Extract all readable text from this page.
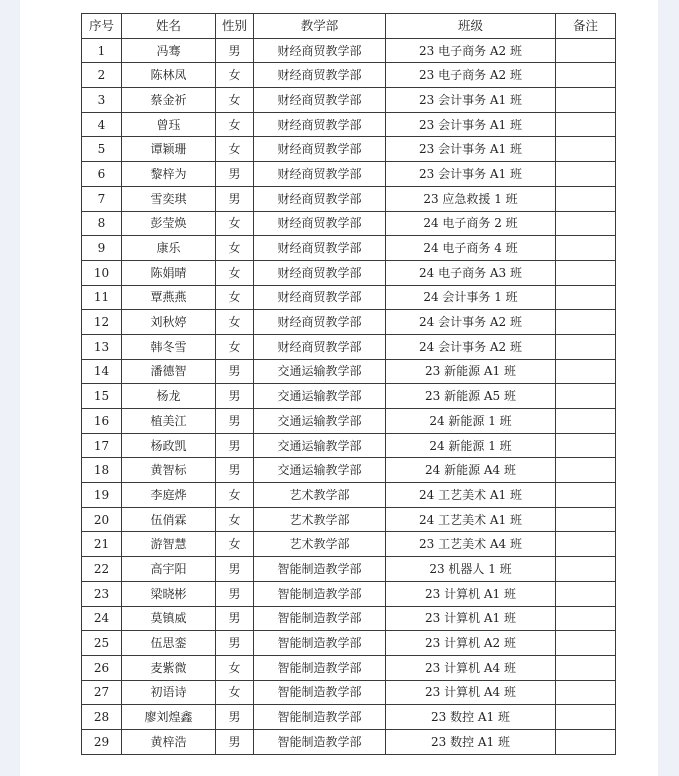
序号	姓名	性别	教学部	班级	备注
1	冯骞	男	财经商贸教学部	23 电子商务 A2 班	
2	陈林凤	女	财经商贸教学部	23 电子商务 A2 班	
3	蔡金祈	女	财经商贸教学部	23 会计事务 A1 班	
4	曾珏	女	财经商贸教学部	23 会计事务 A1 班	
5	谭颖珊	女	财经商贸教学部	23 会计事务 A1 班	
6	黎梓为	男	财经商贸教学部	23 会计事务 A1 班	
7	雪奕琪	男	财经商贸教学部	23 应急救援 1 班	
8	彭莹焕	女	财经商贸教学部	24 电子商务 2 班	
9	康乐	女	财经商贸教学部	24 电子商务 4 班	
10	陈娟晴	女	财经商贸教学部	24 电子商务 A3 班	
11	覃燕燕	女	财经商贸教学部	24 会计事务 1 班	
12	刘秋婷	女	财经商贸教学部	24 会计事务 A2 班	
13	韩冬雪	女	财经商贸教学部	24 会计事务 A2 班	
14	潘德智	男	交通运输教学部	23 新能源 A1 班	
15	杨龙	男	交通运输教学部	23 新能源 A5 班	
16	植美江	男	交通运输教学部	24 新能源 1 班	
17	杨政凯	男	交通运输教学部	24 新能源 1 班	
18	黄智标	男	交通运输教学部	24 新能源 A4 班	
19	李庭烨	女	艺术教学部	24 工艺美术 A1 班	
20	伍俏霖	女	艺术教学部	24 工艺美术 A1 班	
21	游智慧	女	艺术教学部	23 工艺美术 A4 班	
22	高宇阳	男	智能制造教学部	23 机器人 1 班	
23	梁晓彬	男	智能制造教学部	23 计算机 A1 班	
24	莫镇威	男	智能制造教学部	23 计算机 A1 班	
25	伍思銮	男	智能制造教学部	23 计算机 A2 班	
26	麦紫微	女	智能制造教学部	23 计算机 A4 班	
27	初语诗	女	智能制造教学部	23 计算机 A4 班	
28	廖刘煌鑫	男	智能制造教学部	23 数控 A1 班	
29	黄梓浩	男	智能制造教学部	23 数控 A1 班	
